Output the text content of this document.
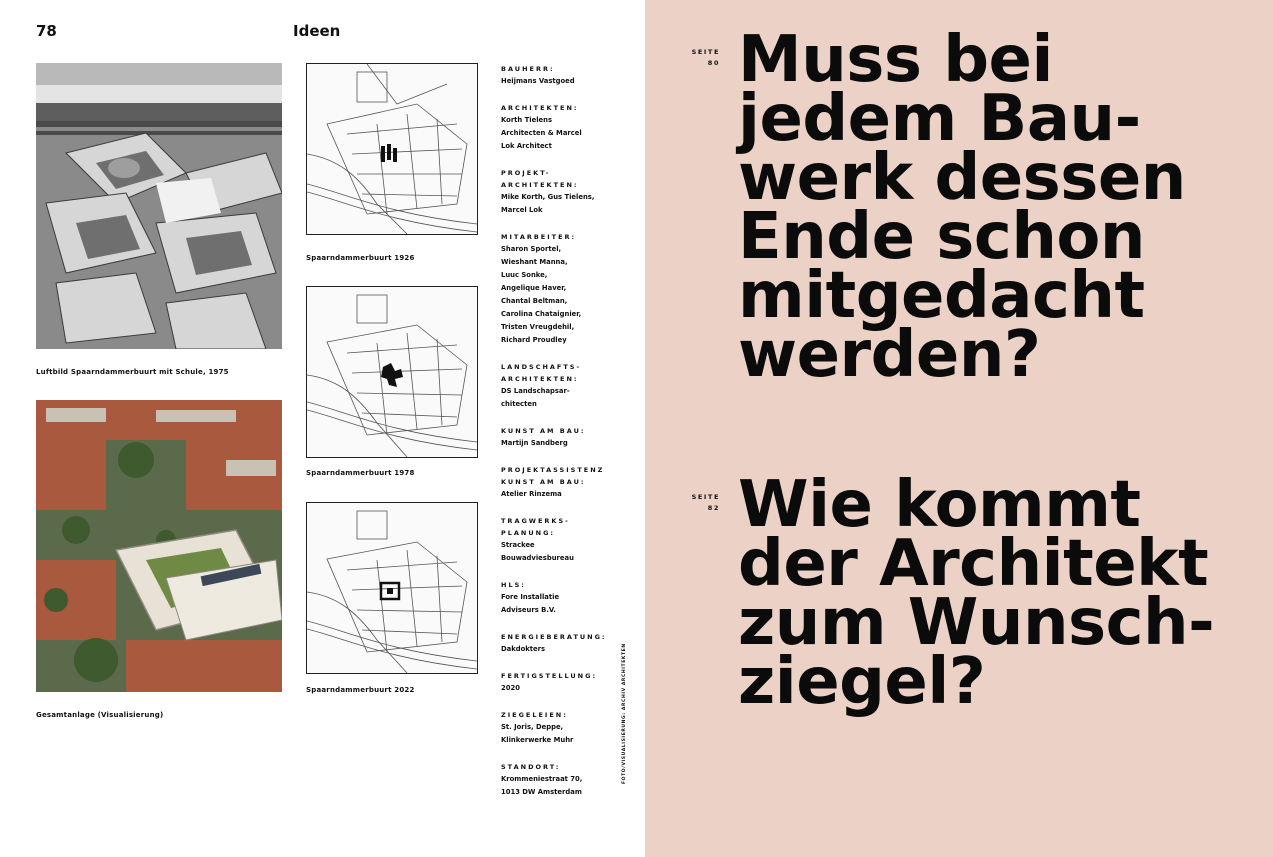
78	Ideen
Luftbild Spaarndammerbuurt mit Schule, 1975
Gesamtanlage (Visualisierung)
Spaarndammerbuurt 1926
Spaarndammerbuurt 1978
Spaarndammerbuurt 2022
BAUHERR:
Heijmans Vastgoed
ARCHITEKTEN:
Korth Tielens
Architecten & Marcel
Lok Architect
PROJEKT-
ARCHITEKTEN:
Mike Korth, Gus Tielens,
Marcel Lok
MITARBEITER:
Sharon Sportel,
Wieshant Manna,
Luuc Sonke,
Angelique Haver,
Chantal Beltman,
Carolina Chataignier,
Tristen Vreugdehil,
Richard Proudley
LANDSCHAFTS-
ARCHITEKTEN:
DS Landschapsar-
chitecten
KUNST AM BAU:
Martijn Sandberg
PROJEKTASSISTENZ
KUNST AM BAU:
Atelier Rinzema
TRAGWERKS-
PLANUNG:
Strackee
Bouwadviesbureau
HLS:
Fore Installatie
Adviseurs B.V.
ENERGIEBERATUNG:
Dakdokters
FERTIGSTELLUNG:
2020
ZIEGELEIEN:
St. Joris, Deppe,
Klinkerwerke Muhr
STANDORT:
Krommeniestraat 70,
1013 DW Amsterdam
FOTO/VISUALISIERUNG: ARCHIV ARCHITEKTEN
SEITE
80 Muss bei
jedem Bau-
werk dessen
Ende schon
mitgedacht
werden?
SEITE
82 Wie kommt
der Architekt
zum Wunsch-
ziegel?
